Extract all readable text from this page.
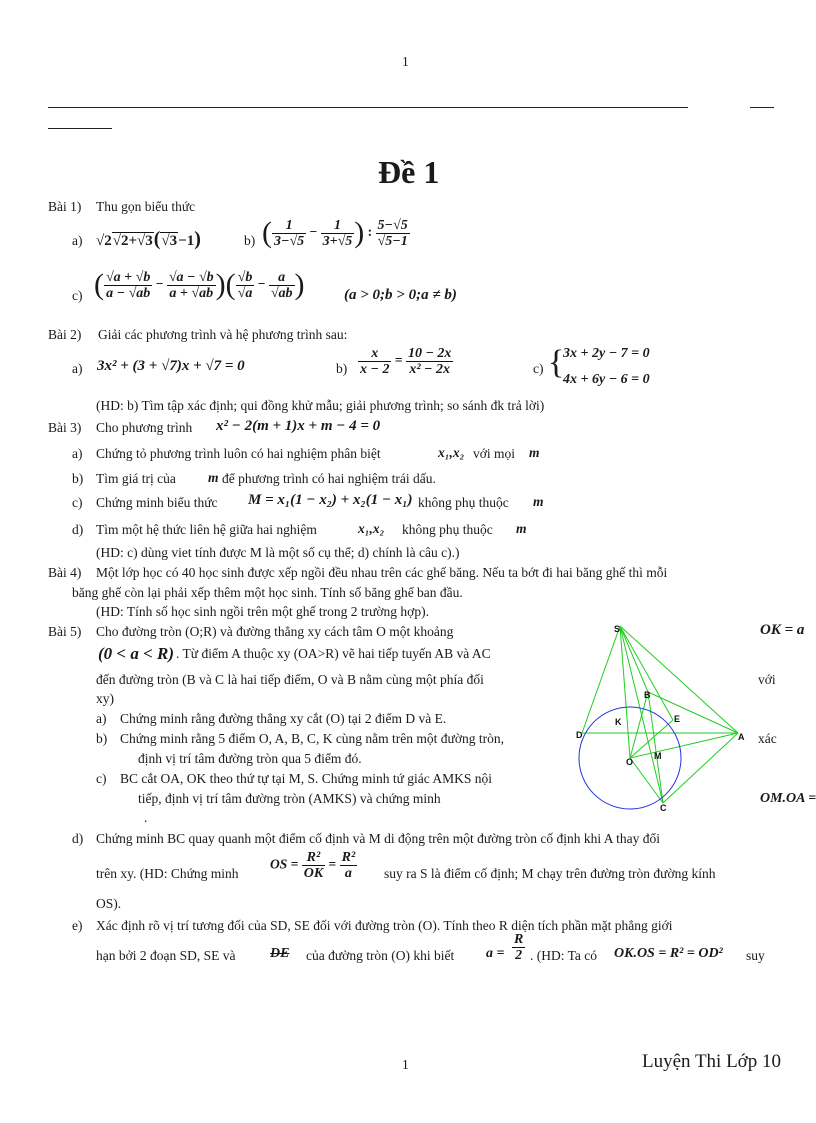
1
Đề 1
Bài 1) Thu gọn biểu thức
a) √2√2+√3(√3−1)	b) ( $\frac{1}{3-√5} - \frac{1}{3+√5}$ ) : $\frac{5-√5}{√5-1}$
c) ( $\frac{√a + √b}{a - √ab} - \frac{√a - √b}{a + √ab}$ )( $\frac{√b}{√a} - \frac{a}{√ab}$ )	(a > 0;b > 0;a ≠ b)
Bài 2) Giải các phương trình và hệ phương trình sau:
a) 3x² + (3 + √7)x + √7 = 0	$b) \frac{x}{x - 2} = \frac{10 - 2x}{\text{x² − 2x}}$	c) {
3x + 2y − 7 = 0
4x + 6y − 6 = 0
(HD: b) Tìm tập xác định; qui đồng khử mẫu; giải phương trình; so sánh đk trả lời)
Bài 3) Cho phương trình x² − 2(m + 1)x + m − 4 = 0
a) Chứng tỏ phương trình luôn có hai nghiệm phân biệt	x₁,x₂ với mọi m
b) Tìm giá trị của m để phương trình có hai nghiệm trái dấu.
c) Chứng minh biểu thức M = x₁(1 − x₂) + x₂(1 − x₁) không phụ thuộc m
d) Tìm một hệ thức liên hệ giữa hai nghiệm	x₁,x₂ không phụ thuộc m
(HD: c) dùng viet tính được M là một số cụ thể; d) chính là câu c).)
Bài 4) Một lớp học có 40 học sinh được xếp ngồi đều nhau trên các ghế băng. Nếu ta bớt đi hai băng ghế thì mỗi
băng ghế còn lại phải xếp thêm một học sinh. Tính số băng ghế ban đầu.
(HD: Tính số học sinh ngồi trên một ghế trong 2 trường hợp).
Bài 5) Cho đường tròn (O;R) và đường thẳng xy cách tâm O một khoảng	OK = a
(0 < a < R) . Từ điểm A thuộc xy (OA>R) vẽ hai tiếp tuyến AB và AC
đến đường tròn (B và C là hai tiếp điểm, O và B nằm cùng một phía đối	với
xy)
a) Chứng minh rằng đường thẳng xy cắt (O) tại 2 điểm D và E.
b) Chứng minh rằng 5 điểm O, A, B, C, K cùng nằm trên một đường tròn,	xác
định vị trí tâm đường tròn qua 5 điểm đó.
c) BC cắt OA, OK theo thứ tự tại M, S. Chứng minh tứ giác AMKS nội
tiếp, định vị trí tâm đường tròn (AMKS) và chứng minh	OM.OA =
.
d) Chứng minh BC quay quanh một điểm cố định và M di động trên một đường tròn cố định khi A thay đổi
trên xy. (HD: Chứng minh
OS = $\frac{\text{R²}}{OK} = \frac{\text{R²}}{a}$ suy ra S là điểm cố định; M chạy trên đường tròn đường kính
OS).
e) Xác định rõ vị trí tương đối của SD, SE đối với đường tròn (O). Tính theo R diện tích phần mặt phẳng giới
hạn bởi 2 đoạn SD, SE và DE của đường tròn (O) khi biết $a = \frac{R}{2}$ . (HD: Ta có OK.OS = R² = OD² suy
S
B
K	E
D	A
O
M
C
1	Luyện Thi Lớp 10
